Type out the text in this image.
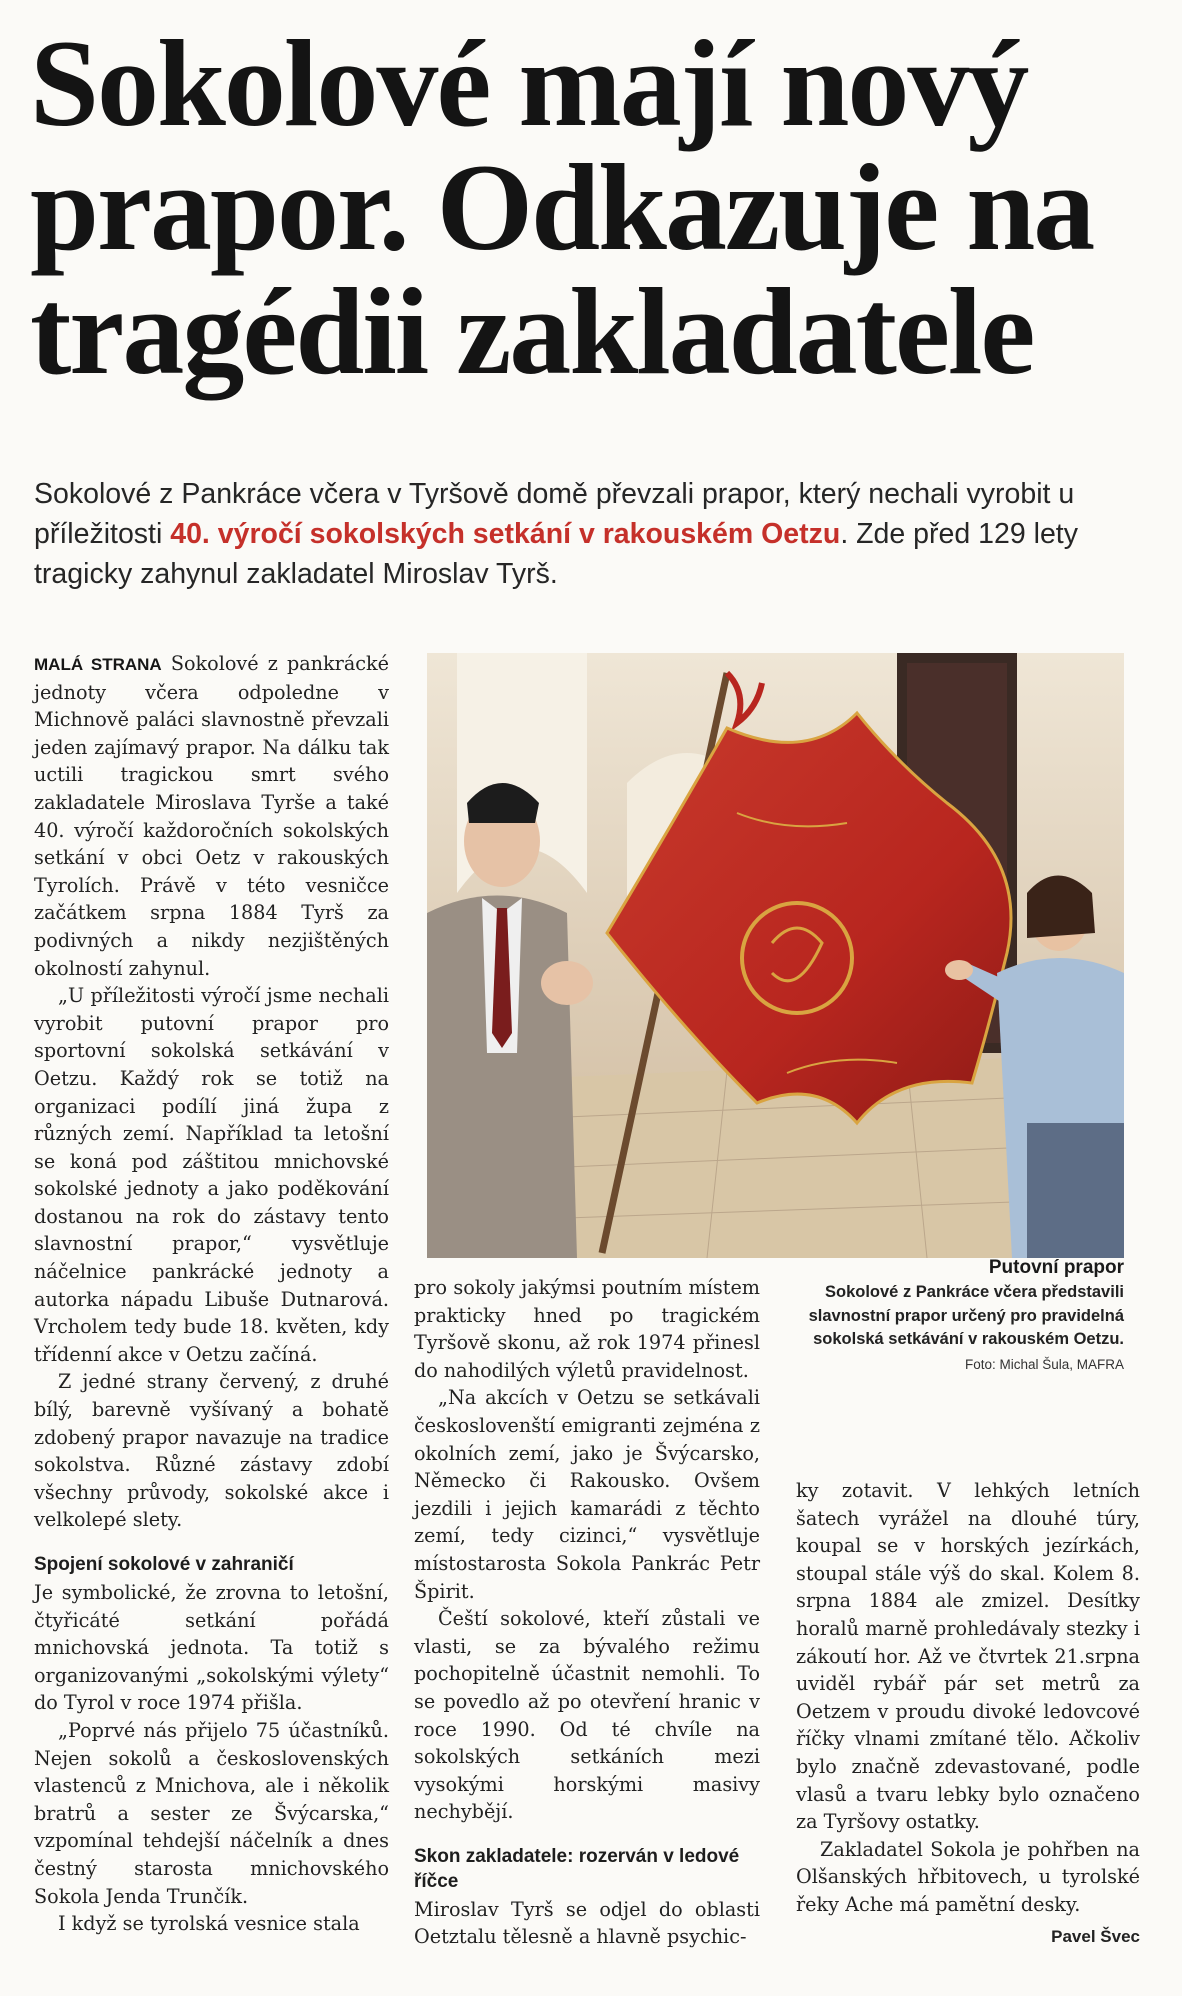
Sokolové mají nový
prapor. Odkazuje na
tragédii zakladatele
Sokolové z Pankráce včera v Tyršově domě převzali prapor, který nechali vyrobit u příležitosti 40. výročí sokolských setkání v rakouském Oetzu. Zde před 129 lety tragicky zahynul zakladatel Miroslav Tyrš.

MALÁ STRANA Sokolové z pankrácké jednoty včera odpoledne v Michnově paláci slavnostně převzali jeden zajímavý prapor. Na dálku tak uctili tragickou smrt svého zakladatele Miroslava Tyrše a také 40. výročí každoročních sokolských setkání v obci Oetz v rakouských Tyrolích. Právě v této vesničce začátkem srpna 1884 Tyrš za podivných a nikdy nezjištěných okolností zahynul.

„U příležitosti výročí jsme nechali vyrobit putovní prapor pro sportovní sokolská setkávání v Oetzu. Každý rok se totiž na organizaci podílí jiná župa z různých zemí. Například ta letošní se koná pod záštitou mnichovské sokolské jednoty a jako poděkování dostanou na rok do zástavy tento slavnostní prapor,“ vysvětluje náčelnice pankrácké jednoty a autorka nápadu Libuše Dutnarová. Vrcholem tedy bude 18. květen, kdy třídenní akce v Oetzu začíná.

Z jedné strany červený, z druhé bílý, barevně vyšívaný a bohatě zdobený prapor navazuje na tradice sokolstva. Různé zástavy zdobí všechny průvody, sokolské akce i velkolepé slety.

Spojení sokolové v zahraničí

Je symbolické, že zrovna to letošní, čtyřicáté setkání pořádá mnichovská jednota. Ta totiž s organizovanými „sokolskými výlety“ do Tyrol v roce 1974 přišla.

„Poprvé nás přijelo 75 účastníků. Nejen sokolů a československých vlastenců z Mnichova, ale i několik bratrů a sester ze Švýcarska,“ vzpomínal tehdejší náčelník a dnes čestný starosta mnichovského Sokola Jenda Trunčík.

I když se tyrolská vesnice stala

Putovní prapor
Sokolové z Pankráce včera představili slavnostní prapor určený pro pravidelná sokolská setkávání v rakouském Oetzu.
Foto: Michal Šula, MAFRA

pro sokoly jakýmsi poutním místem prakticky hned po tragickém Tyršově skonu, až rok 1974 přinesl do nahodilých výletů pravidelnost.

„Na akcích v Oetzu se setkávali českoslovenští emigranti zejména z okolních zemí, jako je Švýcarsko, Německo či Rakousko. Ovšem jezdili i jejich kamarádi z těchto zemí, tedy cizinci,“ vysvětluje místostarosta Sokola Pankrác Petr Špirit.

Čeští sokolové, kteří zůstali ve vlasti, se za bývalého režimu pochopitelně účastnit nemohli. To se povedlo až po otevření hranic v roce 1990. Od té chvíle na sokolských setkáních mezi vysokými horskými masivy nechybějí.

Skon zakladatele: rozerván v ledové říčce

Miroslav Tyrš se odjel do oblasti Oetztalu tělesně a hlavně psychic-

ky zotavit. V lehkých letních šatech vyrážel na dlouhé túry, koupal se v horských jezírkách, stoupal stále výš do skal. Kolem 8. srpna 1884 ale zmizel. Desítky horalů marně prohledávaly stezky i zákoutí hor. Až ve čtvrtek 21.srpna uviděl rybář pár set metrů za Oetzem v proudu divoké ledovcové říčky vlnami zmítané tělo. Ačkoliv bylo značně zdevastované, podle vlasů a tvaru lebky bylo označeno za Tyršovy ostatky.

Zakladatel Sokola je pohřben na Olšanských hřbitovech, u tyrolské řeky Ache má pamětní desky.

Pavel Švec
